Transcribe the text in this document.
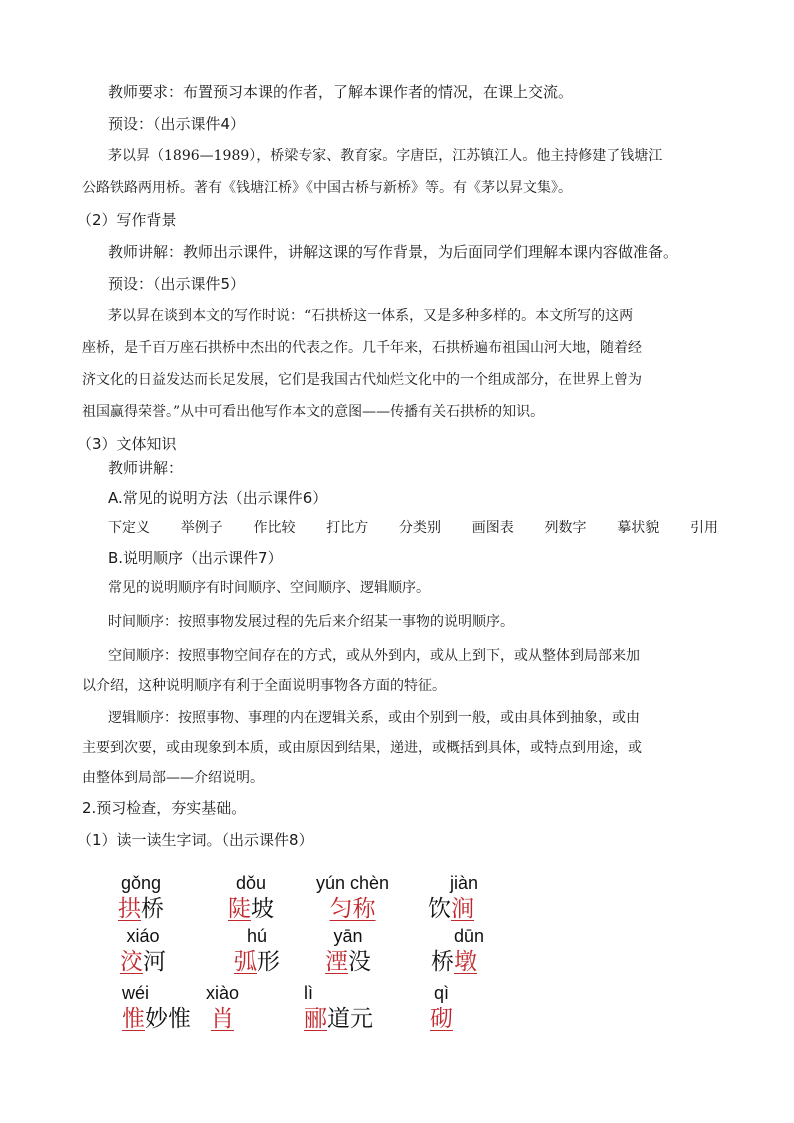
教师要求：布置预习本课的作者，了解本课作者的情况，在课上交流。
预设：（出示课件4）
茅以昇（1896—1989），桥梁专家、教育家。字唐臣，江苏镇江人。他主持修建了钱塘江
公路铁路两用桥。著有《钱塘江桥》《中国古桥与新桥》等。有《茅以昇文集》。
（2）写作背景
教师讲解：教师出示课件，讲解这课的写作背景，为后面同学们理解本课内容做准备。
预设：（出示课件5）
茅以昇在谈到本文的写作时说：“石拱桥这一体系，又是多种多样的。本文所写的这两
座桥，是千百万座石拱桥中杰出的代表之作。几千年来，石拱桥遍布祖国山河大地，随着经
济文化的日益发达而长足发展，它们是我国古代灿烂文化中的一个组成部分，在世界上曾为
祖国赢得荣誉。”从中可看出他写作本文的意图——传播有关石拱桥的知识。
（3）文体知识
教师讲解：
A.常见的说明方法（出示课件6）
下定义 举例子 作比较 打比方 分类别 画图表 列数字 摹状貌 引用
B.说明顺序（出示课件7）
常见的说明顺序有时间顺序、空间顺序、逻辑顺序。
时间顺序：按照事物发展过程的先后来介绍某一事物的说明顺序。
空间顺序：按照事物空间存在的方式，或从外到内，或从上到下，或从整体到局部来加
以介绍，这种说明顺序有利于全面说明事物各方面的特征。
逻辑顺序：按照事物、事理的内在逻辑关系，或由个别到一般，或由具体到抽象，或由
主要到次要，或由现象到本质，或由原因到结果，递进，或概括到具体，或特点到用途，或
由整体到局部——介绍说明。
2.预习检查，夯实基础。
（1）读一读生字词。（出示课件8）
gǒng
拱桥
dǒu
陡坡
yún chèn
匀称
jiàn
饮涧
xiáo
洨河
hú
弧形
yān
湮没
dūn
桥墩
wéi
惟妙惟
xiào
肖
lì
郦道元
qì
砌
